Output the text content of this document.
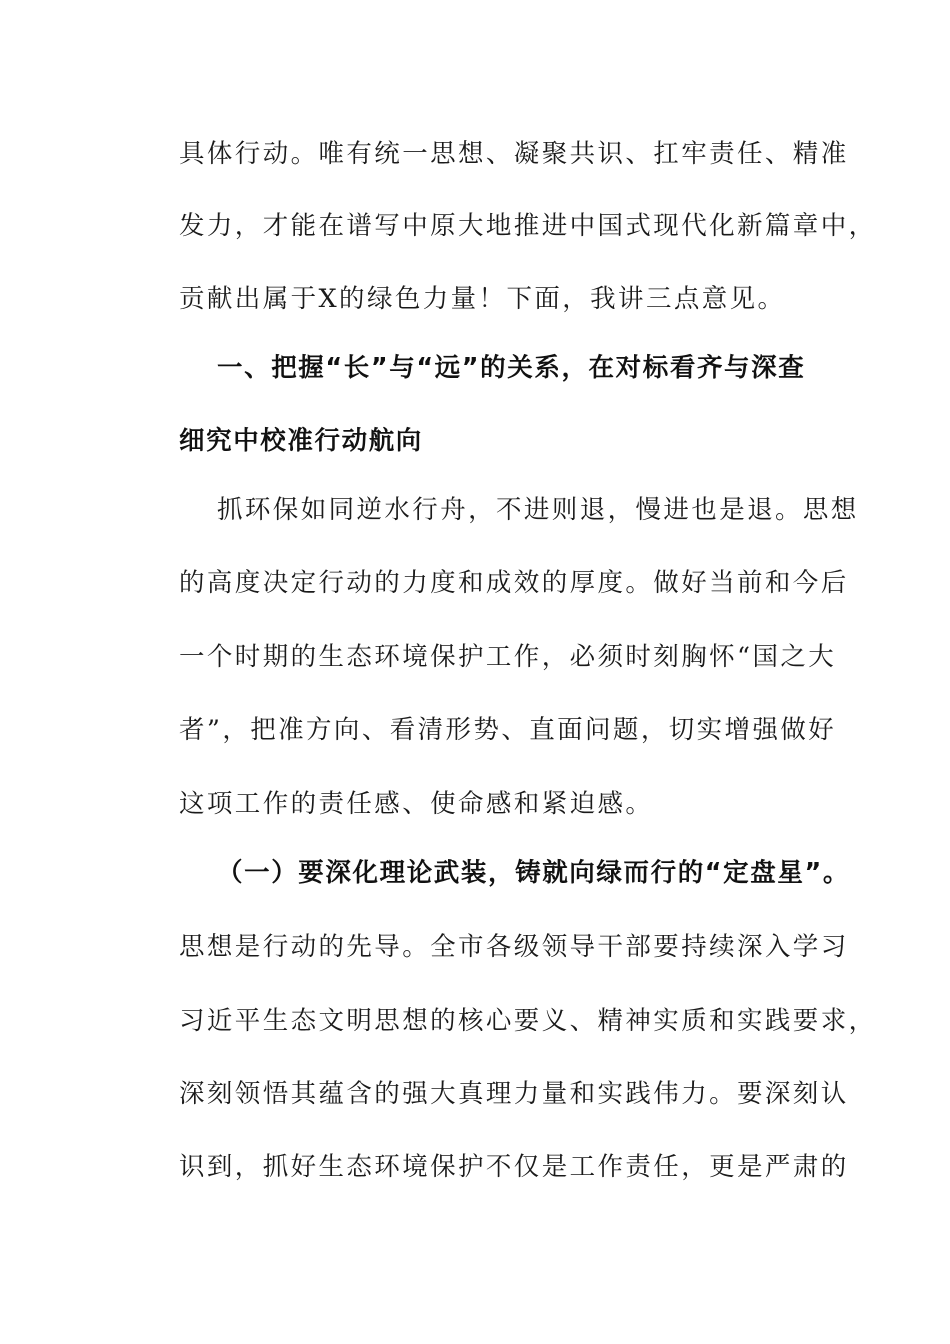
具体行动。唯有统一思想、凝聚共识、扛牢责任、精准
发力，才能在谱写中原大地推进中国式现代化新篇章中，
贡献出属于X的绿色力量！下面，我讲三点意见。
一、把握“长”与“远”的关系，在对标看齐与深查
细究中校准行动航向
抓环保如同逆水行舟，不进则退，慢进也是退。思想
的高度决定行动的力度和成效的厚度。做好当前和今后
一个时期的生态环境保护工作，必须时刻胸怀“国之大
者”，把准方向、看清形势、直面问题，切实增强做好
这项工作的责任感、使命感和紧迫感。
（一）要深化理论武装，铸就向绿而行的“定盘星”。
思想是行动的先导。全市各级领导干部要持续深入学习
习近平生态文明思想的核心要义、精神实质和实践要求，
深刻领悟其蕴含的强大真理力量和实践伟力。要深刻认
识到，抓好生态环境保护不仅是工作责任，更是严肃的
